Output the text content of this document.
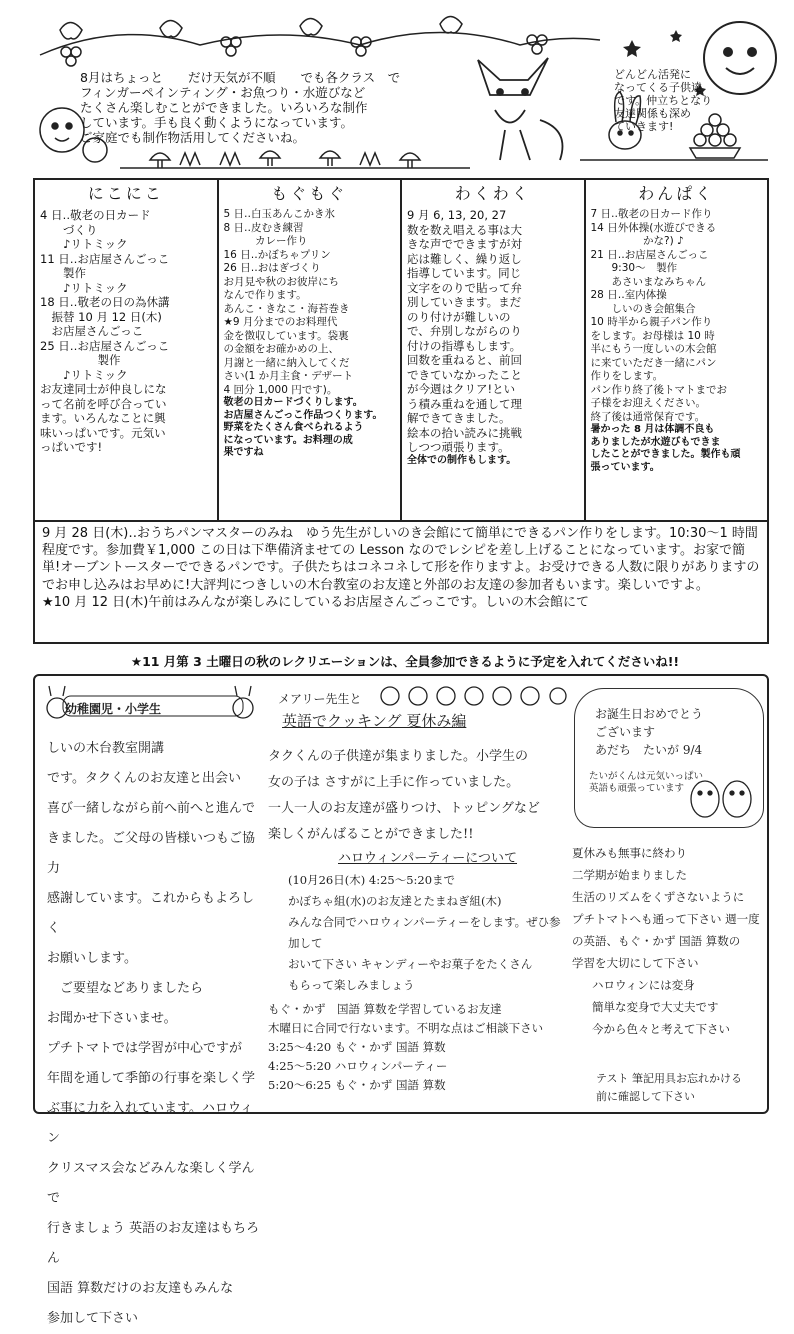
8月はちょっと　　だけ天気が不順　　でも各クラス　で
フィンガーペインティング・お魚つり・水遊びなど
たくさん楽しむことができました。いろいろな制作
しています。手も良く動くようになっています。
ご家庭でも制作物活用してくださいね。
どんどん活発に
なってくる子供達
です。仲立ちとなり
友達関係も深め
ていきます!
にこにこ
4 日‥敬老の日カード
　　づくり
　　♪リトミック
11 日‥お店屋さんごっこ
　　製作
　　♪リトミック
18 日‥敬老の日の為休講
　振替 10 月 12 日(木)
　お店屋さんごっこ
25 日‥お店屋さんごっこ
　　　　　製作
　　♪リトミック
お友達同士が仲良しにな
って名前を呼び合ってい
ます。いろんなことに興
味いっぱいです。元気い
っぱいです!
もぐもぐ
5 日‥白玉あんこかき氷
8 日‥皮むき練習
　　　カレー作り
16 日‥かぼちゃプリン
26 日‥おはぎづくり
お月見や秋のお彼岸にち
なんで作ります。
あんこ・きなこ・海苔巻き
★9 月分までのお料理代
金を徴収しています。袋裏
の金額をお確かめの上、
月謝と一緒に納入してくだ
さい(1 か月主食・デザート
4 回分 1,000 円です)。
敬老の日カードづくりします。
お店屋さんごっこ作品つくります。
野菜をたくさん食べられるよう
になっています。お料理の成
果ですね
わくわく
9 月 6, 13, 20, 27
数を数え唱える事は大
きな声でできますが対
応は難しく、繰り返し
指導しています。同じ
文字をのりで貼って弁
別していきます。まだ
のり付けが難しいの
で、弁別しながらのり
付けの指導もします。
回数を重ねると、前回
できていなかったこと
が今週はクリア!とい
う積み重ねを通して理
解できてきました。
絵本の拾い読みに挑戦
しつつ頑張ります。
全体での制作もします。
わんぱく
7 日‥敬老の日カード作り
14 日外体操(水遊びできる
　　　　　かな?) ♪
21 日‥お店屋さんごっこ
　　9:30～　製作
　　あさいまなみちゃん
28 日‥室内体操
　　しいのき会館集合
10 時半から親子パン作り
をします。お母様は 10 時
半にもう一度しいの木会館
に来ていただき一緒にパン
作りをします。
パン作り終了後トマトまでお
子様をお迎えください。
終了後は通常保育です。
暑かった 8 月は体調不良も
ありましたが水遊びもできま
したことができました。製作も頑
張っています。
9 月 28 日(木)‥おうちパンマスターのみね　ゆう先生がしいのき会館にて簡単にできるパン作りをします。10:30～1 時間程度です。参加費￥1,000 この日は下準備済ませての Lesson なのでレシピを差し上げることになっています。お家で簡単!オーブントースターでできるパンです。子供たちはコネコネして形を作りますよ。お受けできる人数に限りがありますのでお申し込みはお早めに!大評判につきしいの木台教室のお友達と外部のお友達の参加者もいます。楽しいですよ。
★10 月 12 日(木)午前はみんなが楽しみにしているお店屋さんごっこです。しいの木会館にて
★11 月第 3 土曜日の秋のレクリエーションは、全員参加できるように予定を入れてくださいね!!
幼稚園児・小学生
しいの木台教室開講
です。タクくんのお友達と出会い
喜び一緒しながら前へ前へと進んで
きました。ご父母の皆様いつもご協力
感謝しています。これからもよろしく
お願いします。
　ご要望などありましたら
お聞かせ下さいませ。
プチトマトでは学習が中心ですが
年間を通して季節の行事を楽しく学
ぶ事に力を入れています。ハロウィン
クリスマス会などみんな楽しく学んで
行きましょう 英語のお友達はもちろん
国語 算数だけのお友達もみんな
参加して下さい
メアリー先生と
英語でクッキング 夏休み編
タクくんの子供達が集まりました。小学生の
女の子は さすがに上手に作っていました。
一人一人のお友達が盛りつけ、トッピングなど
楽しくがんばることができました!!
ハロウィンパーティーについて
(10月26日(木) 4:25～5:20まで
かぼちゃ組(水)のお友達とたまねぎ組(木)
みんな合同でハロウィンパーティーをします。ぜひ参加して
おいて下さい キャンディーやお菓子をたくさん
もらって楽しみましょう
もぐ・かず　国語 算数を学習しているお友達
木曜日に合同で行ないます。不明な点はご相談下さい
3:25～4:20 もぐ・かず 国語 算数
4:25～5:20 ハロウィンパーティー
5:20～6:25 もぐ・かず 国語 算数
お誕生日おめでとう
ございます
あだち　たいが 9/4
たいがくんは元気いっぱい
英語も頑張っています
夏休みも無事に終わり
二学期が始まりました
生活のリズムをくずさないように
プチトマトへも通って下さい 週一度
の英語、もぐ・かず 国語 算数の
学習を大切にして下さい
ハロウィンには変身
簡単な変身で大丈夫です
今から色々と考えて下さい
テスト 筆記用具お忘れかける
前に確認して下さい
